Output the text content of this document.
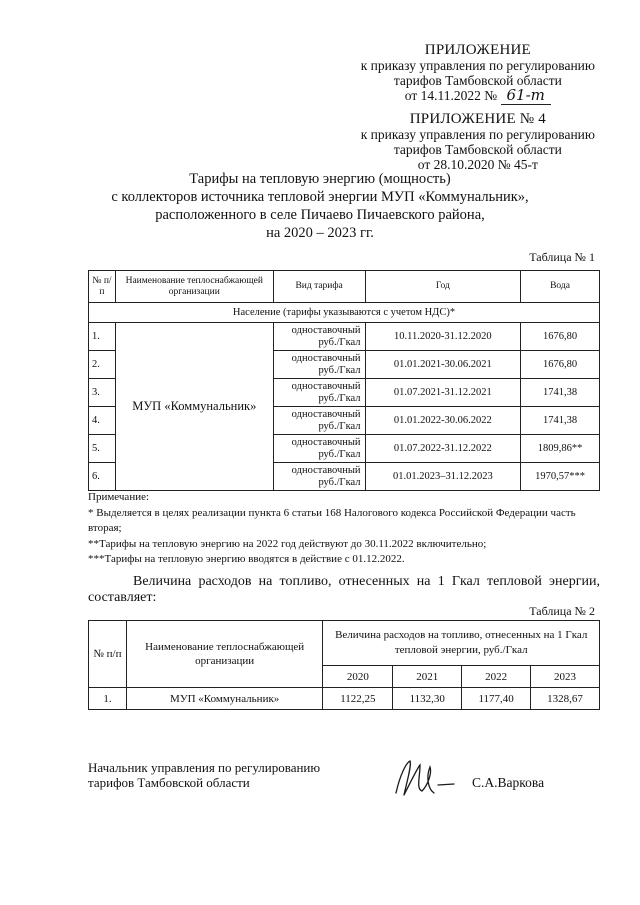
ПРИЛОЖЕНИЕ
к приказу управления по регулированию
тарифов Тамбовской области
от 14.11.2022 № 61-т
ПРИЛОЖЕНИЕ № 4
к приказу управления по регулированию
тарифов Тамбовской области
от 28.10.2020 № 45-т
Тарифы на тепловую энергию (мощность)
с коллекторов источника тепловой энергии МУП «Коммунальник»,
расположенного в селе Пичаево Пичаевского района,
на 2020 – 2023 гг.
Таблица № 1
№ п/п	Наименование теплоснабжающей организации	Вид тарифа	Год	Вода
Население (тарифы указываются с учетом НДС)*				
1.	МУП «Коммунальник»	одноставочный руб./Гкал	10.11.2020-31.12.2020	1676,80
2.		одноставочный руб./Гкал	01.01.2021-30.06.2021	1676,80
3.		одноставочный руб./Гкал	01.07.2021-31.12.2021	1741,38
4.		одноставочный руб./Гкал	01.01.2022-30.06.2022	1741,38
5.		одноставочный руб./Гкал	01.07.2022-31.12.2022	1809,86**
6.		одноставочный руб./Гкал	01.01.2023–31.12.2023	1970,57***
Примечание:
* Выделяется в целях реализации пункта 6 статьи 168 Налогового кодекса Российской Федерации часть вторая;
**Тарифы на тепловую энергию на 2022 год действуют до 30.11.2022 включительно;
***Тарифы на тепловую энергию вводятся в действие с 01.12.2022.
Величина расходов на топливо, отнесенных на 1 Гкал тепловой энергии, составляет:
Таблица № 2
№ п/п	Наименование теплоснабжающей организации	Величина расходов на топливо, отнесенных на 1 Гкал тепловой энергии, руб./Гкал			
		2020	2021	2022	2023
1.	МУП «Коммунальник»	1122,25	1132,30	1177,40	1328,67
Начальник управления по регулированию
тарифов Тамбовской области	С.А.Варкова
